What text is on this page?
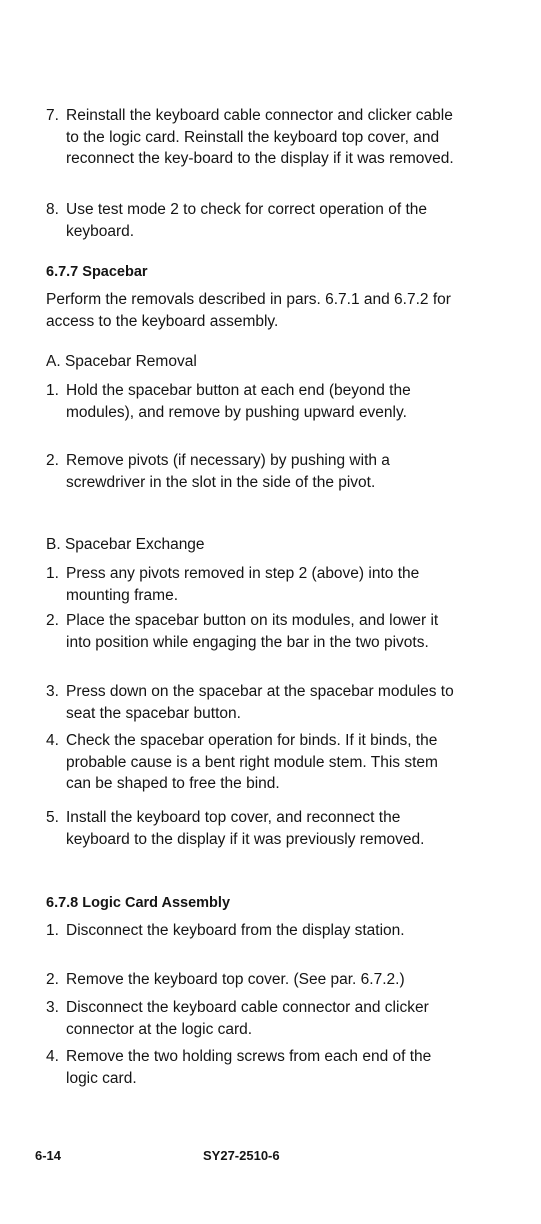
7. Reinstall the keyboard cable connector and clicker cable to the logic card. Reinstall the keyboard top cover, and reconnect the key-board to the display if it was removed.
8. Use test mode 2 to check for correct operation of the keyboard.
6.7.7 Spacebar
Perform the removals described in pars. 6.7.1 and 6.7.2 for access to the keyboard assembly.
A. Spacebar Removal
1. Hold the spacebar button at each end (beyond the modules), and remove by pushing upward evenly.
2. Remove pivots (if necessary) by pushing with a screwdriver in the slot in the side of the pivot.
B. Spacebar Exchange
1. Press any pivots removed in step 2 (above) into the mounting frame.
2. Place the spacebar button on its modules, and lower it into position while engaging the bar in the two pivots.
3. Press down on the spacebar at the spacebar modules to seat the spacebar button.
4. Check the spacebar operation for binds. If it binds, the probable cause is a bent right module stem. This stem can be shaped to free the bind.
5. Install the keyboard top cover, and reconnect the keyboard to the display if it was previously removed.
6.7.8 Logic Card Assembly
1. Disconnect the keyboard from the display station.
2. Remove the keyboard top cover. (See par. 6.7.2.)
3. Disconnect the keyboard cable connector and clicker connector at the logic card.
4. Remove the two holding screws from each end of the logic card.
6-14	SY27-2510-6
